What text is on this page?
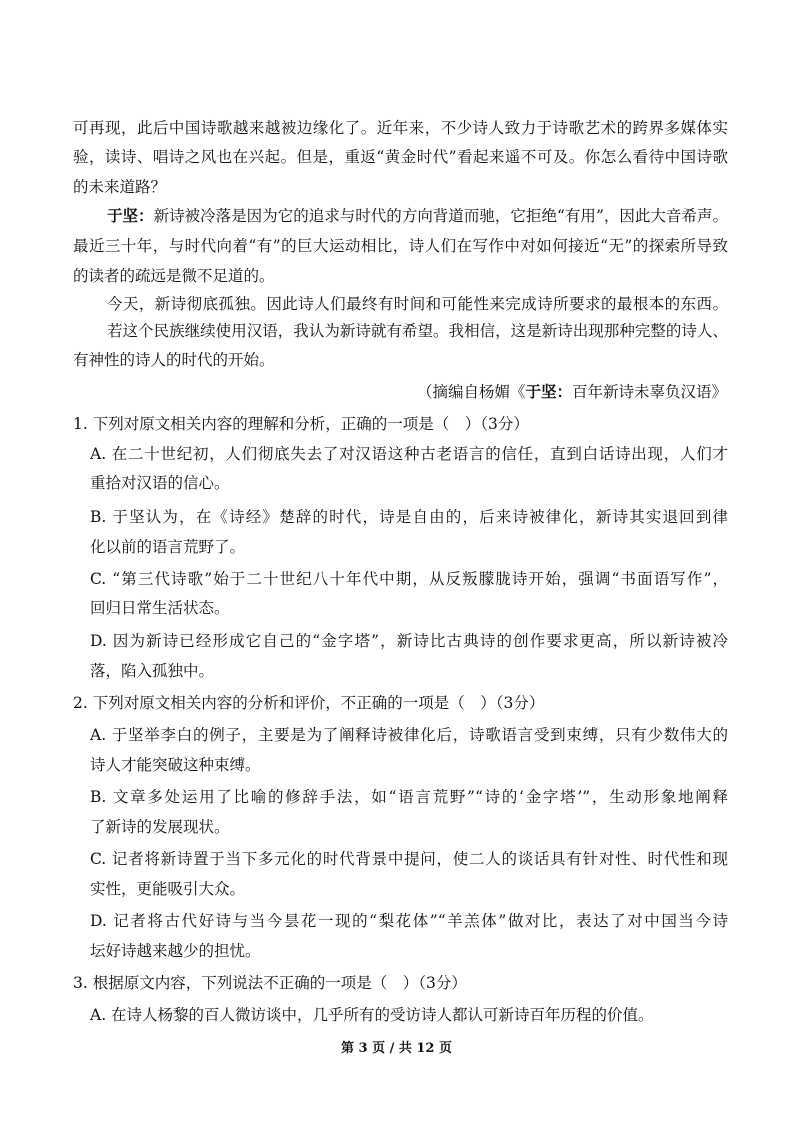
可再现，此后中国诗歌越来越被边缘化了。近年来，不少诗人致力于诗歌艺术的跨界多媒体实
验，读诗、唱诗之风也在兴起。但是，重返“黄金时代”看起来遥不可及。你怎么看待中国诗歌
的未来道路？
于坚：新诗被冷落是因为它的追求与时代的方向背道而驰，它拒绝“有用”，因此大音希声。
最近三十年，与时代向着“有”的巨大运动相比，诗人们在写作中对如何接近“无”的探索所导致
的读者的疏远是微不足道的。
今天，新诗彻底孤独。因此诗人们最终有时间和可能性来完成诗所要求的最根本的东西。
若这个民族继续使用汉语，我认为新诗就有希望。我相信，这是新诗出现那种完整的诗人、
有神性的诗人的时代的开始。
（摘编自杨媚《于坚：百年新诗未辜负汉语》
1. 下列对原文相关内容的理解和分析，正确的一项是（　）（3分）
A. 在二十世纪初，人们彻底失去了对汉语这种古老语言的信任，直到白话诗出现，人们才
重拾对汉语的信心。
B. 于坚认为，在《诗经》楚辞的时代，诗是自由的，后来诗被律化，新诗其实退回到律
化以前的语言荒野了。
C. “第三代诗歌”始于二十世纪八十年代中期，从反叛朦胧诗开始，强调“书面语写作”，
回归日常生活状态。
D. 因为新诗已经形成它自己的“金字塔”，新诗比古典诗的创作要求更高，所以新诗被冷
落，陷入孤独中。
2. 下列对原文相关内容的分析和评价，不正确的一项是（　）（3分）
A. 于坚举李白的例子，主要是为了阐释诗被律化后，诗歌语言受到束缚，只有少数伟大的
诗人才能突破这种束缚。
B. 文章多处运用了比喻的修辞手法，如“语言荒野”“诗的‘金字塔’”，生动形象地阐释
了新诗的发展现状。
C. 记者将新诗置于当下多元化的时代背景中提问，使二人的谈话具有针对性、时代性和现
实性，更能吸引大众。
D. 记者将古代好诗与当今昙花一现的“梨花体”“羊羔体”做对比，表达了对中国当今诗
坛好诗越来越少的担忧。
3. 根据原文内容，下列说法不正确的一项是（　）（3分）
A. 在诗人杨黎的百人微访谈中，几乎所有的受访诗人都认可新诗百年历程的价值。
第 3 页 / 共 12 页
